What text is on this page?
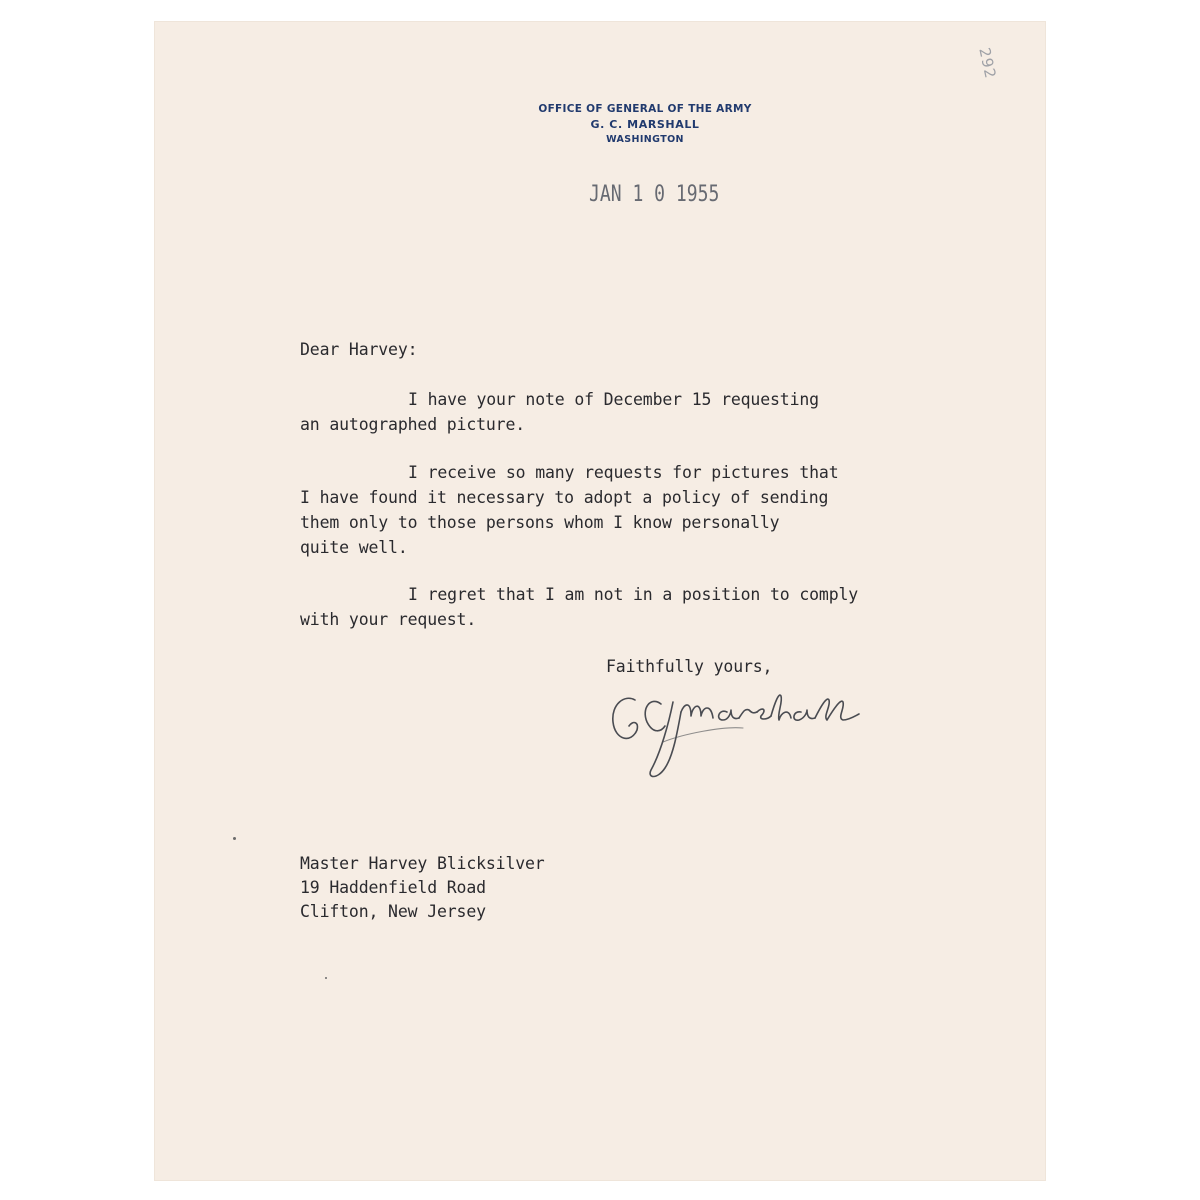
292
OFFICE OF GENERAL OF THE ARMY
G. C. MARSHALL
WASHINGTON
JAN 1 0 1955
Dear Harvey:
I have your note of December 15 requesting
an autographed picture.
I receive so many requests for pictures that
I have found it necessary to adopt a policy of sending
them only to those persons whom I know personally
quite well.
I regret that I am not in a position to comply
with your request.
Faithfully yours,
Master Harvey Blicksilver
19 Haddenfield Road
Clifton, New Jersey
